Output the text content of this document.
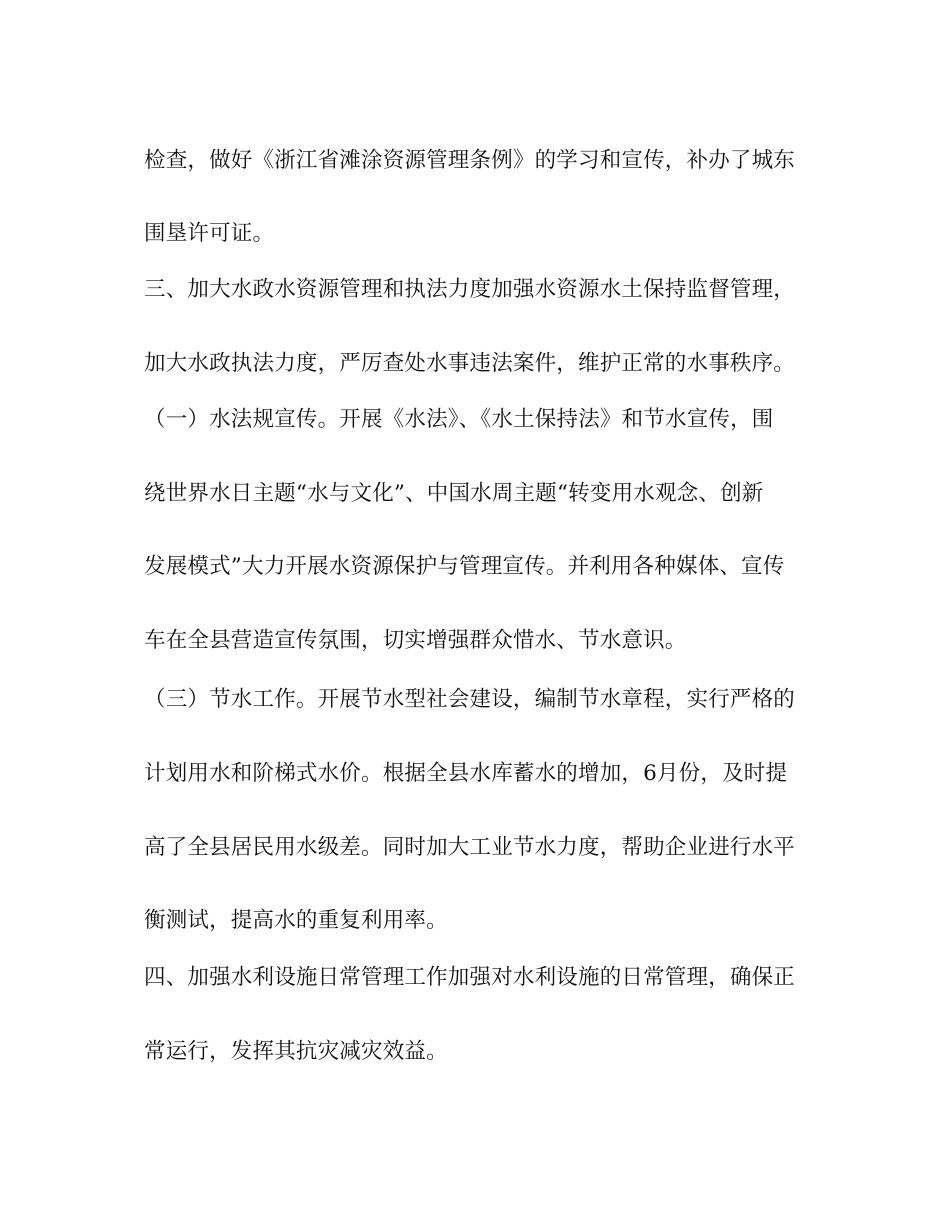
检查，做好《浙江省滩涂资源管理条例》的学习和宣传，补办了城东
围垦许可证。
三、加大水政水资源管理和执法力度加强水资源水土保持监督管理，
加大水政执法力度，严厉查处水事违法案件，维护正常的水事秩序。
（一）水法规宣传。开展《水法》、《水土保持法》和节水宣传，围
绕世界水日主题“水与文化”、中国水周主题“转变用水观念、创新
发展模式”大力开展水资源保护与管理宣传。并利用各种媒体、宣传
车在全县营造宣传氛围，切实增强群众惜水、节水意识。
（三）节水工作。开展节水型社会建设，编制节水章程，实行严格的
计划用水和阶梯式水价。根据全县水库蓄水的增加，6月份，及时提
高了全县居民用水级差。同时加大工业节水力度，帮助企业进行水平
衡测试，提高水的重复利用率。
四、加强水利设施日常管理工作加强对水利设施的日常管理，确保正
常运行，发挥其抗灾减灾效益。
